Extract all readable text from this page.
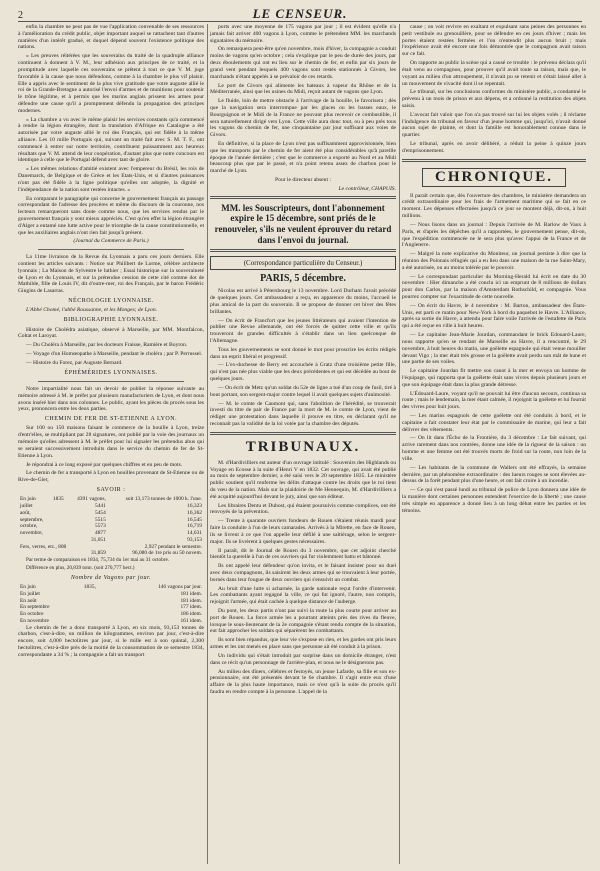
2	LE CENSEUR.

enfin la chambre ne peut pas de vue l'application convenable de ses ressources à l'amélioration du crédit public, objet important auquel se rattachent tant d'autres matières d'un intérêt gradué, et duquel dépend souvent l'existence politique des nations.

« Les preuves réitérées que les souverains du traité de la quadruple alliance continuent à donnent à V. M., leur adhésion aux principes de ce traité, et la promptitude avec laquelle ces souverains se prêtent à tout ce que V. M. juge favorable à la cause que nous défendons, comme à la chambre le plus vif plaisir. Elle a appris avec le sentiment de la plus vive gratitude que votre auguste allié le roi de la Grande-Bretagne a autorisé l'envoi d'armes et de munitions pour soutenir le trône légitime, et à permis que les marins anglais prissent les armes pour défendre une cause qu'il a promptement défendu la propagation des principes modernes.

« La chambre a vu avec le même plaisir les services constants qu'a commencé à rendre la légion étrangère, dont la translation d'Afrique en Catalogne a été autorisée par votre auguste allié le roi des Français, qui est fidèle à la même alliance. Les 10 mille Portugais qui, suivant un traité fait avec S. M. T. F., ont commencé à entrer sur notre territoire, contribuent puissamment aux heureux résultats que V. M. attend de leur coopération, d'autant plus que notre concours est identique à celle que le Portugal défend avec tant de gloire.

« Les mêmes relations d'amitié existent avec l'empereur du Brésil, les rois de Danemarck, de Belgique et de Grèce et les Etats-Unis, et si d'autres puissances n'ont pas été fidèle à la ligne politique qu'elles ont adoptée, la dignité et l'indépendance de la nation sont restées intactes. »

En comparant le paragraphe qui concerne le gouvernement français au passage correspondant de l'adresse des procères et même du discours de la couronne, nos lecteurs remarqueront sans doute comme nous, que les services rendus par le gouvernement français y sont mieux appréciés. C'est qu'en effet la légion étrangère d'Alger a entamé une lutte active pour le triomphe de la cause constitutionnelle, et que les auxiliaires anglais n'ont rien fait jusqu'à présent.

(Journal du Commerce de Paris.)

La 11me livraison de la Revue du Lyonnais a paru ces jours derniers. Elle contient les articles suivants : Notice sur Philibert de Lorme, célèbre architecte lyonnais ; La Maison de Sylvestre le luthier ; Essai historique sur la souveraineté de Lyon et du Lyonnais, et sur la prétendue cession de cette cité comme dot de Mathilde, fille de Louis IV, dit d'outre-mer, roi des Français, par le baron Frédéric Gingins de Lasarras.

NÉCROLOGIE LYONNAISE.

L'Abbé Chomé, l'abbé Roussanne, et les Monges; de Lyon.

BIBLIOGRAPHIE LYONNAISE.

Histoire de Cholédra asiatique, observé à Marseille, par MM. Montfalcon, Coltat et Laroyat.

— Du Choléra à Marseille, par les docteurs Fraisse, Ramière et Boyron.

— Voyage d'un Homœopathe à Marseille, pendant le choléra ; par P. Perrussel.

— Histoire du Forez, par Auguste Bernard.

ÉPHÉMÉRIDES LYONNAISES.

Notre impartialité nous fait un devoir de publier la réponse suivante au mémoire adressé à M. le préfet par plusieurs manufacturiers de Lyon, et dont nous avons inséré hier dans nos colonnes. Le public, ayant les pièces du procès sous les yeux, prononcera entre les deux parties.

CHEMIN DE FER DE ST-ETIENNE A LYON.

Sur 100 ou 150 maisons faisant le commerce de la houille à Lyon, treize d'entr'elles, se multipliant par 28 signatures, ont publié par la voie des journaux un mémoire qu'elles adressent à M. le préfet pour lui signaler les prétendus abus qui se seraient successivement introduits dans le service du chemin de fer de St-Etienne à Lyon.

Je répondrai à ce long exposé par quelques chiffres et en peu de mots.

Le chemin de fer a transporté à Lyon en houilles provenant de St-Etienne ou de Rive-de-Gier,

SAVOIR :

En juin	1835	4391 vagons,	soit 13,173 tonnes de 1000 k. l'une.
juillet		5441	16,323
août,		5454	16,362
septembre,		5515	16,545
octobre,		5573	16,719
novembre,		4877	14,631
		31,051	93,153
Fers, verres, etc., 808			2,927 pendant le semestre.
		31,859	96,080 de 1re pris ou 50 novem.

Par terme de comparaison en 1834, 75,734 du 1er mai au 31 octobre.

Différence en plus, 20,839 tonn. (soit 270,777 hect.)

Nombre de Vagons par jour.

En juin	1835,	146 vagons par jour.
En juillet		181 idem.
En août		181 idem.
En septembre		177 idem.
En octobre		186 idem.
En novembre		161 idem.

Le chemin de fer a donc transporté à Lyon, en six mois, 93,153 tonnes de charbon, c'est-à-dire, un million de kilogrammes, environ par jour, c'est-à-dire encore, soit 4,000 hectolitres par jour, si le mille est à son quintal, 2,300 hectolitres, c'est-à-dire près de la moitié de la consommation de ce semestre 1834, correspondante a 34 % ; la compagnie a fait un transport

ports avec une moyenne de 175 vagons par jour ; il est évident qu'elle n'a jamais fait arriver 400 vagons à Lyon, comme le prétendent MM. les marchands signataires du mémoire.

On remarquera peut-être qu'en novembre, mois d'hiver, la compagnie a conduit moins de vagons qu'en octobre ; cela s'explique par le peu de durée des jours, par deux éboulements qui ont eu lieu sur le chemin de fer, et enfin par six jours de grand vent pendant lesquels 400 vagons sont restés stationnés à Givors, les marchands n'étant appelés à se prévaloir de ces retards.

Le port de Givors qui alimente les bateaux à vapeur du Rhône et de la Méditerranée, ainsi que les usines du Midi, reçoit autant de vagons que Lyon.

Le fluide, loin de mettre obstacle à l'arrivage de la houille, le favorisera ; dès que la navigation sera interrompue par les glaces ou les basses eaux, le Bourguignon et le Midi de la France ne pouvant plus recevoir ce combustible, il sera naturellement dirigé vers Lyon. Cette ville aura donc tout, ou à peu près tous les vagons du chemin de fer, une cinquantaine par jour suffisant aux voies de Givors.

En définitive, si la place de Lyon n'est pas suffisamment approvisionnée, bien que les transports par le chemin de fer aient été plus considérables qu'à pareille époque de l'année dernière ; c'est que le commerce a exporté au Nord et au Midi beaucoup plus que par le passé, et n'a point retenu assez de charbon pour le marché de Lyon.

Pour le directeur absent :

Le contrôleur, CHAPUIS.
MM. les Souscripteurs, dont l'abonnement expire le 15 décembre, sont priés de le renouveler, s'ils ne veulent éprouver du retard dans l'envoi du journal.
(Correspondance particulière du Censeur.)
PARIS, 5 décembre.

Nicolas est arrivé à Pétersbourg le 13 novembre. Lord Durham l'avait précédé de quelques jours. Cet ambassadeur a reçu, en apparence du moins, l'accueil le plus amical de la part du souverain. Il se propose de donner cet hiver des fêtes brillantes.

— On écrit de Francfort que les jeunes littérateurs qui avaient l'intention de publier une Revue allemande, ont été forcés de quitter cette ville et qu'ils trouveront de grandes difficultés à s'établir dans un lieu quelconque de l'Allemagne.

Tous les gouvernements se sont donné le mot pour proscrire les écrits rédigés dans un esprit libéral et progressif.

— L'ex-duchesse de Berry est accouchée à Gratz d'une troisième petite fille, qui n'est pas née plus viable que les deux précédentes et qui est décédée au bout de quelques jours.

— On écrit de Metz qu'un soldat du 52e de ligne a tué d'un coup de fusil, tiré à bout portant, son sergent-major contre lequel il avait quelques sujets d'animosité.

— M. le comte de Caumont qui, sans l'abolition de l'hérédité, se trouverait investi du titre de pair de France par la mort de M. le comte de Lyon, vient de rédiger une protestation dans laquelle il prouve en titre, en déclarant qu'il ne reconnaît pas la validité de la loi votée par la chambre des députés.

TRIBUNAUX.

M. d'Hardivilliers est auteur d'un ouvrage intitulé : Souvenirs des Highlands ou Voyage en Ecosse à la suite d'Henri V en 1832. Cet ouvrage, qui avait été publié au mois de septembre dernier, a été saisi vers le 20 septembre 1835. Le ministère public soutient qu'il renferme les délits d'attaque contre les droits que le roi tient du vœu de la nation. Mais sur la plaidoirie de Me Hennequin, M. d'Hardivilliers a été acquitté aujourd'hui devant le jury, ainsi que son éditeur.

Les libraires Dentu et Dubost, qui étaient poursuivis comme complices, ont été renvoyés de la prévention.

— Trente à quarante ouvriers fondeurs de Rouen s'étaient réunis mardi pour faire la conduite à l'un de leurs camarades. Arrivés à la Mirette, en face de Rouen, ils se livrent à ce que l'on appelle leur défilé à une saltiérage, selon le sergent-major. Ils se livrèrent à quelques gestes nécessaires.

Il paraît, dit le Journal de Rouen du 3 novembre, que cet adjoint cherché bientôt la querelle à l'un de ces ouvriers qui fut violemment battu et bâtonné.

Ils ont appelé leur défendeur qu'on invita, et le faisant insister pour un duel avec deux compagnons, ils saisirent les deux armes qui se trouvaient à leur portée, bornés dans leur fougue de deux ouvriers qui s'ensuivit un combat.

Au bruit d'une lutte si acharnée, la garde nationale reçut l'ordre d'intervenir. Les combattants ayant regagné la ville, ce qui fut ignoré, l'autre, non compris, rejoignit l'armée, qui était cachée à quelque distance de l'auberge.

Du pont, les deux partis n'ont pas suivi la route la plus courte pour arriver au port de Rouen. La force armée les a pourtant atteints près des rives du fleuve, lorsque le sous-lieutenant de la 2e compagnie s'étant rendu compte de la situation, eut fait approcher les soldats qui séparèrent les combattants.

Ils sont bien répandus, que leur vie s'expose en rien, et les gardes ont pris leurs armes et les ont menés en place sans que personne ait été conduit à la prison.

Un individu qui s'était introduit par surprise dans un domicile étranger, n'est dans ce récit qu'un personnage de l'arrière-plan, et nous ne le désignerons pas.

Au milieu des dîners, célèbres et festoyés, un jeune Lafarde, sa fille et son ex-pensionnaire, ont été présentés devant le 6e chambre. Il s'agit entre eux d'une affaire de la plus haute importance, mais ce n'est qu'à la suite du procès qu'il faudra en rendre compte à la personne. L'appel de la

cause ; on voit revivre en exaltant et expulsant sans peines des personnes en petit vestibule ou grenouillère, pour se défendre en ces jours d'hiver ; mais les portes étaient restées fermées et l'on n'entendit plus aucun bruit ; mais l'expérience avait été encore une fois démontrée que le compagnon avait raison sur ce fait.

On rapporte au public la scène qui a causé ce trouble : le prévenu déclara qu'il était venu au compagnon, pour prouver qu'il avait toute sa raison, mais que, le voyant au milieu d'un attroupement, il n'avait pu se retenir et s'était laissé aller à un mouvement de vivacité dont il se repentait.

Le tribunal, sur les conclusions conformes du ministère public, a condamné le prévenu à un mois de prison et aux dépens, et a ordonné la restitution des objets saisis.

L'avocat fait valoir que l'on n'a pas trouvé sur lui les objets volés ; il réclame l'indulgence du tribunal en faveur d'un jeune homme qui, jusqu'ici, n'avait donné aucun sujet de plainte, et dont la famille est honorablement connue dans le quartier.

Le tribunal, après en avoir délibéré, a réduit la peine à quinze jours d'emprisonnement.

CHRONIQUE.

Il paraît certain que, dès l'ouverture des chambres, le ministère demandera un crédit extraordinaire pour les frais de l'armement maritime qui se fait en ce moment. Les dépenses effectuées jusqu'à ce jour se montent déjà, dit-on, à huit millions.

— Nous lisons dans un journal : Depuis l'arrivée de M. Barlow de Vaux à Paris, et d'après les dépêches qu'il a rapportées, le gouvernement pense, dit-on, que l'expédition commencée ne le sera plus qu'avec l'appui de la France et de l'Angleterre.

— Malgré la note explicative du Moniteur, un journal persiste à dire que la réunion des Polonais réfugiés qui a eu lieu dans une maison de la rue Saint-Mary, a été autorisée, ou au moins tolérée par le pouvoir.

— Le correspondant particulier du Morning-Herald lui écrit en date du 30 novembre : Hier dimanche a été conclu ici un emprunt de 8 millions de dollars pour don Carlos, par la maison d'Amsterdam Rothschild, et compagnie. Vous pourrez compter sur l'exactitude de cette nouvelle.

— On écrit du Havre, le 4 novembre : M. Barton, ambassadeur des États-Unis, est parti ce matin pour New-York à bord du paquebot le Havre. L'Alliance, après sa sortie du Havre, a attendu pour faire voile l'arrivée de l'estafette de Paris qui a été reçue en ville à huit heures.

— Le capitaine Jean-Marie Jourdan, commandant le brick Edouard-Laure, nous rapporte qu'en se rendant de Marseille au Havre, il a rencontré, le 29 novembre, à huit heures du matin, une goëlette espagnole qui était venue mouiller devant Vigo ; la mer était très grosse et la goëlette avait perdu son mât de hune et une partie de ses voiles.

Le capitaine Jourdan fit mettre son canot à la mer et envoya un homme de l'équipage, qui rapporta que la goëlette était sans vivres depuis plusieurs jours et que son équipage était dans la plus grande détresse.

L'Édouard-Laure, voyant qu'il ne pouvait lui être d'aucun secours, continua sa route ; mais le lendemain, la mer étant calmée, il rejoignit la goëlette et lui fournit des vivres pour huit jours.

— Les marins espagnols de cette goëlette ont été conduits à bord, et le capitaine a fait constater leur état par le commissaire de marine, qui leur a fait délivrer des vêtements.

— On lit dans l'Écho de la Frontière, du 3 décembre : Le fait suivant, qui arrive rarement dans nos contrées, donne une idée de la rigueur de la saison : un homme et une femme ont été trouvés morts de froid sur la route, non loin de la ville.

— Les habitants de la commune de Wallers ont été effrayés, la semaine dernière, par un phénomène extraordinaire : des lueurs rouges se sont élevées au-dessus de la forêt pendant plus d'une heure, et ont fait croire à un incendie.

— Ce qui s'est passé lundi au tribunal de police de Lyon donnera une idée de la manière dont certaines personnes entendent l'exercice de la liberté ; une cause très simple en apparence a donné lieu à un long débat entre les parties et les témoins.
